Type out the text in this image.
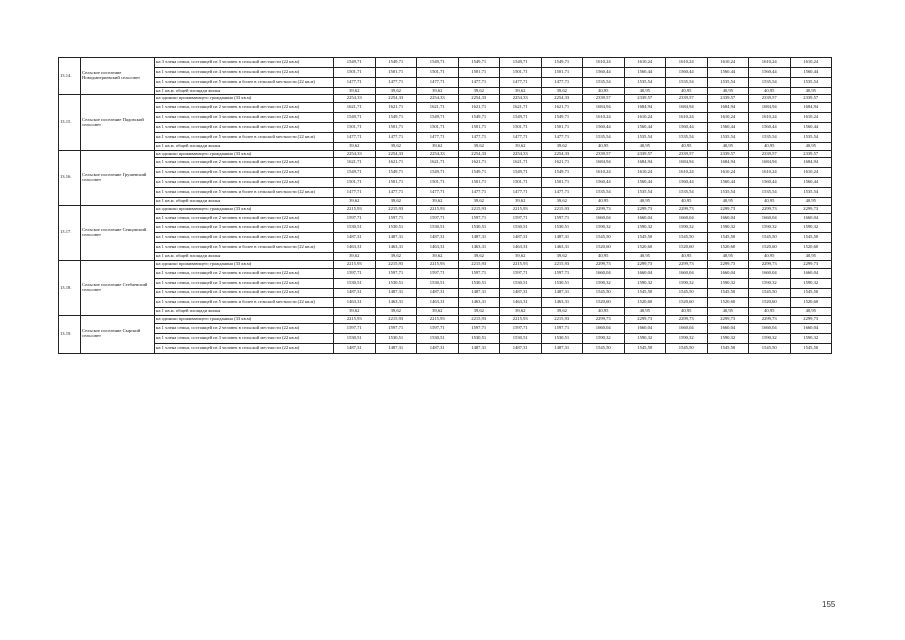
13.14.	Сельское поселение Новодмитриевский сельсовет	на 3 члена семьи, состоящей из 3 человек в сельской местности (22 кв.м)	1549,71	1549,71	1549,71	1549,71	1549,71	1549,71	1610,24	1610,24	1610,24	1610,24	1610,24	1610,24
		на 1 члена семьи, состоящей из 4 человек в сельской местности (22 кв.м)	1501,71	1501,71	1501,71	1501,71	1501,71	1501,71	1560,44	1560,44	1560,44	1560,44	1560,44	1560,44
		на 1 члена семьи, состоящей из 5 человек и более в сельской местности (22 кв.м)	1477,71	1477,71	1477,71	1477,71	1477,71	1477,71	1535,54	1535,54	1535,54	1535,54	1535,54	1535,54
		на 1 кв.м. общей площади жилья	39,62	39,62	39,62	39,62	39,62	39,62	40,95	40,95	40,95	40,95	40,95	40,95
13.15.	Сельское поселение Падовский сельсовет	на одиноко проживающего гражданина (33 кв.м)	2254,33	2254,33	2254,33	2254,33	2254,33	2254,33	2339,57	2339,57	2339,57	2339,57	2339,57	2339,57
		на 1 члена семьи, состоящей из 2 человек в сельской местности (22 кв.м)	1621,71	1621,71	1621,71	1621,71	1621,71	1621,71	1684,94	1684,94	1684,94	1684,94	1684,94	1684,94
		на 1 члена семьи, состоящей из 3 человек в сельской местности (22 кв.м)	1549,71	1549,71	1549,71	1549,71	1549,71	1549,71	1610,24	1610,24	1610,24	1610,24	1610,24	1610,24
		на 1 члена семьи, состоящей из 4 человек в сельской местности (22 кв.м)	1501,71	1501,71	1501,71	1501,71	1501,71	1501,71	1560,44	1560,44	1560,44	1560,44	1560,44	1560,44
		на 1 члена семьи, состоящей из 5 человек и более в сельской местности (22 кв.м)	1477,71	1477,71	1477,71	1477,71	1477,71	1477,71	1535,54	1535,54	1535,54	1535,54	1535,54	1535,54
		на 1 кв.м. общей площади жилья	39,62	39,62	39,62	39,62	39,62	39,62	40,95	40,95	40,95	40,95	40,95	40,95
13.16.	Сельское поселение Грушевский сельсовет	на одиноко проживающего гражданина (33 кв.м)	2254,33	2254,33	2254,33	2254,33	2254,33	2254,33	2339,57	2339,57	2339,57	2339,57	2339,57	2339,57
		на 1 члена семьи, состоящей из 2 человек в сельской местности (22 кв.м)	1621,71	1621,71	1621,71	1621,71	1621,71	1621,71	1684,94	1684,94	1684,94	1684,94	1684,94	1684,94
		на 1 члена семьи, состоящей из 3 человек в сельской местности (22 кв.м)	1549,71	1549,71	1549,71	1549,71	1549,71	1549,71	1610,24	1610,24	1610,24	1610,24	1610,24	1610,24
		на 1 члена семьи, состоящей из 4 человек в сельской местности (22 кв.м)	1501,71	1501,71	1501,71	1501,71	1501,71	1501,71	1560,44	1560,44	1560,44	1560,44	1560,44	1560,44
		на 1 члена семьи, состоящей из 5 человек и более в сельской местности (22 кв.м)	1477,71	1477,71	1477,71	1477,71	1477,71	1477,71	1535,54	1535,54	1535,54	1535,54	1535,54	1535,54
		на 1 кв.м. общей площади жилья	39,62	39,62	39,62	39,62	39,62	39,62	40,95	40,95	40,95	40,95	40,95	40,95
13.17.	Сельское поселение Сенцовский сельсовет	на одиноко проживающего гражданина (33 кв.м)	2215,93	2215,93	2215,93	2215,93	2215,93	2215,93	2299,73	2299,73	2299,73	2299,73	2299,73	2299,73
		на 1 члена семьи, состоящей из 2 человек в сельской местности (22 кв.м)	1597,71	1597,71	1597,71	1597,71	1597,71	1597,71	1660,04	1660,04	1660,04	1660,04	1660,04	1660,04
		на 1 члена семьи, состоящей из 3 человек в сельской местности (22 кв.м)	1530,51	1530,51	1530,51	1530,51	1530,51	1530,51	1590,32	1590,32	1590,32	1590,32	1590,32	1590,32
		на 1 члена семьи, состоящей из 4 человек в сельской местности (22 кв.м)	1487,31	1487,31	1487,31	1487,31	1487,31	1487,31	1545,50	1545,50	1545,50	1545,50	1545,50	1545,50
		на 1 члена семьи, состоящей из 5 человек и более в сельской местности (22 кв.м)	1463,31	1463,31	1463,31	1463,31	1463,31	1463,31	1520,60	1520,60	1520,60	1520,60	1520,60	1520,60
		на 1 кв.м. общей площади жилья	39,62	39,62	39,62	39,62	39,62	39,62	40,95	40,95	40,95	40,95	40,95	40,95
13.18.	Сельское поселение Стебаевский сельсовет	на одиноко проживающего гражданина (33 кв.м)	2215,93	2215,93	2215,93	2215,93	2215,93	2215,93	2299,73	2299,73	2299,73	2299,73	2299,73	2299,73
		на 1 члена семьи, состоящей из 2 человек в сельской местности (22 кв.м)	1597,71	1597,71	1597,71	1597,71	1597,71	1597,71	1660,04	1660,04	1660,04	1660,04	1660,04	1660,04
		на 1 члена семьи, состоящей из 3 человек в сельской местности (22 кв.м)	1530,51	1530,51	1530,51	1530,51	1530,51	1530,51	1590,32	1590,32	1590,32	1590,32	1590,32	1590,32
		на 1 члена семьи, состоящей из 4 человек в сельской местности (22 кв.м)	1487,31	1487,31	1487,31	1487,31	1487,31	1487,31	1545,50	1545,50	1545,50	1545,50	1545,50	1545,50
		на 1 члена семьи, состоящей из 5 человек и более в сельской местности (22 кв.м)	1463,31	1463,31	1463,31	1463,31	1463,31	1463,31	1520,60	1520,60	1520,60	1520,60	1520,60	1520,60
		на 1 кв.м. общей площади жилья	39,62	39,62	39,62	39,62	39,62	39,62	40,95	40,95	40,95	40,95	40,95	40,95
13.19.	Сельское поселение Сырский сельсовет	на одиноко проживающего гражданина (33 кв.м)	2215,93	2215,93	2215,93	2215,93	2215,93	2215,93	2299,73	2299,73	2299,73	2299,73	2299,73	2299,73
		на 1 члена семьи, состоящей из 2 человек в сельской местности (22 кв.м)	1597,71	1597,71	1597,71	1597,71	1597,71	1597,71	1660,04	1660,04	1660,04	1660,04	1660,04	1660,04
		на 1 члена семьи, состоящей из 3 человек в сельской местности (22 кв.м)	1530,51	1530,51	1530,51	1530,51	1530,51	1530,51	1590,32	1590,32	1590,32	1590,32	1590,32	1590,32
		на 1 члена семьи, состоящей из 4 человек в сельской местности (22 кв.м)	1487,31	1487,31	1487,31	1487,31	1487,31	1487,31	1545,50	1545,50	1545,50	1545,50	1545,50	1545,50
155
